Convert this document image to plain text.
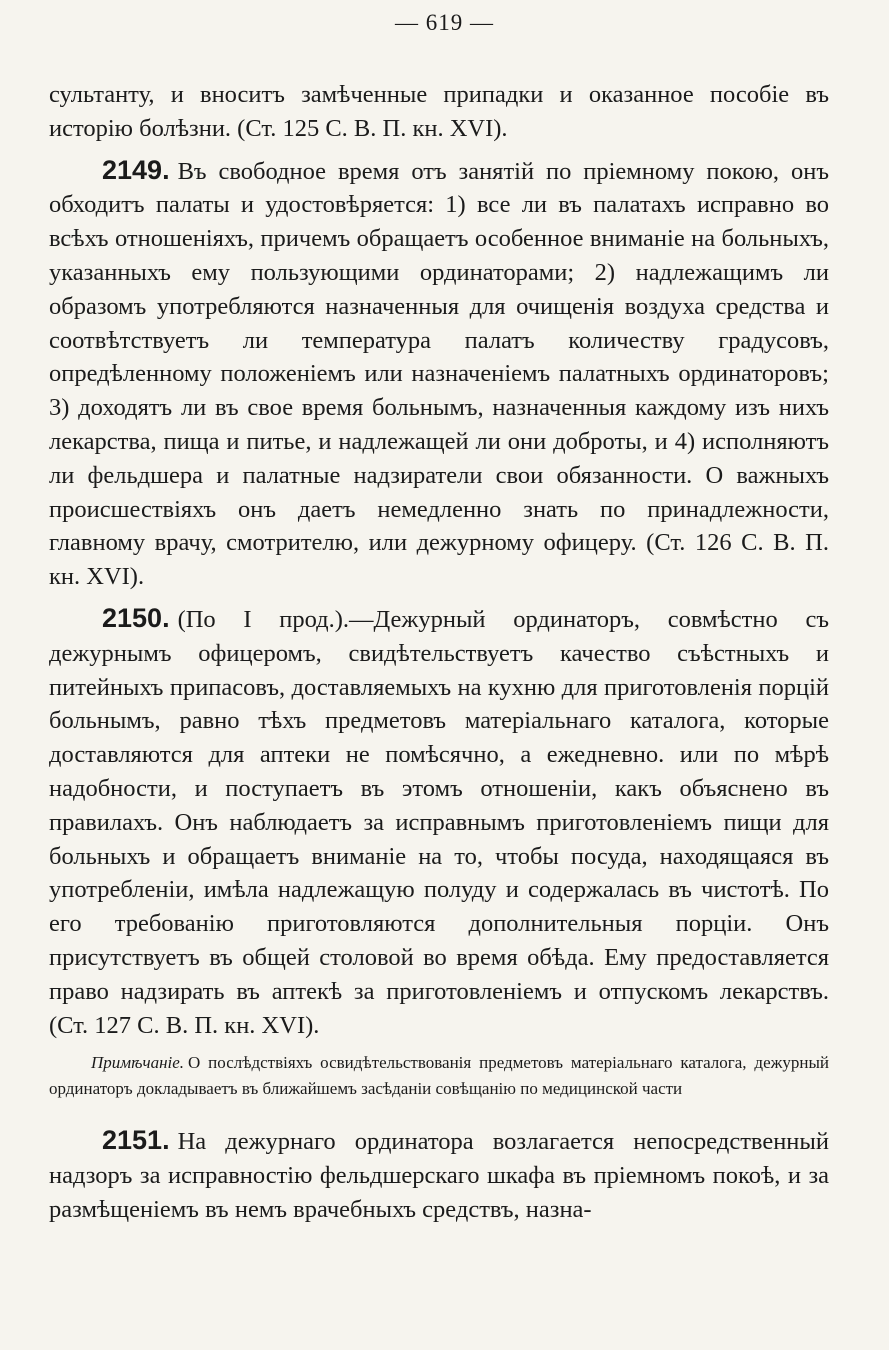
— 619 —

сультанту, и вноситъ замѣченные припадки и оказанное пособіе въ исторію болѣзни. (Ст. 125 С. В. П. кн. XVI).

2149. Въ свободное время отъ занятій по пріемному покою, онъ обходитъ палаты и удостовѣряется: 1) все ли въ палатахъ исправно во всѣхъ отношеніяхъ, причемъ обращаетъ особенное вниманіе на больныхъ, указанныхъ ему пользующими ординаторами; 2) надлежащимъ ли образомъ употребляются назначенныя для очищенія воздуха средства и соотвѣтствуетъ ли температура палатъ количеству градусовъ, опредѣленному положеніемъ или назначеніемъ палатныхъ ординаторовъ; 3) доходятъ ли въ свое время больнымъ, назначенныя каждому изъ нихъ лекарства, пища и питье, и надлежащей ли они доброты, и 4) исполняютъ ли фельдшера и палатные надзиратели свои обязанности. О важныхъ происшествіяхъ онъ даетъ немедленно знать по принадлежности, главному врачу, смотрителю, или дежурному офицеру. (Ст. 126 С. В. П. кн. XVI).

2150. (По I прод.).—Дежурный ординаторъ, совмѣстно съ дежурнымъ офицеромъ, свидѣтельствуетъ качество съѣстныхъ и питейныхъ припасовъ, доставляемыхъ на кухню для приготовленія порцій больнымъ, равно тѣхъ предметовъ матеріальнаго каталога, которые доставляются для аптеки не помѣсячно, а ежедневно. или по мѣрѣ надобности, и поступаетъ въ этомъ отношеніи, какъ объяснено въ правилахъ. Онъ наблюдаетъ за исправнымъ приготовленіемъ пищи для больныхъ и обращаетъ вниманіе на то, чтобы посуда, находящаяся въ употребленіи, имѣла надлежащую полуду и содержалась въ чистотѣ. По его требованію приготовляются дополнительныя порціи. Онъ присутствуетъ въ общей столовой во время обѣда. Ему предоставляется право надзирать въ аптекѣ за приготовленіемъ и отпускомъ лекарствъ. (Ст. 127 С. В. П. кн. XVI).

Примѣчаніе. О послѣдствіяхъ освидѣтельствованія предметовъ матеріальнаго каталога, дежурный ординаторъ докладываетъ въ ближайшемъ засѣданіи совѣщанію по медицинской части

2151. На дежурнаго ординатора возлагается непосредственный надзоръ за исправностію фельдшерскаго шкафа въ пріемномъ покоѣ, и за размѣщеніемъ въ немъ врачебныхъ средствъ, назна-
